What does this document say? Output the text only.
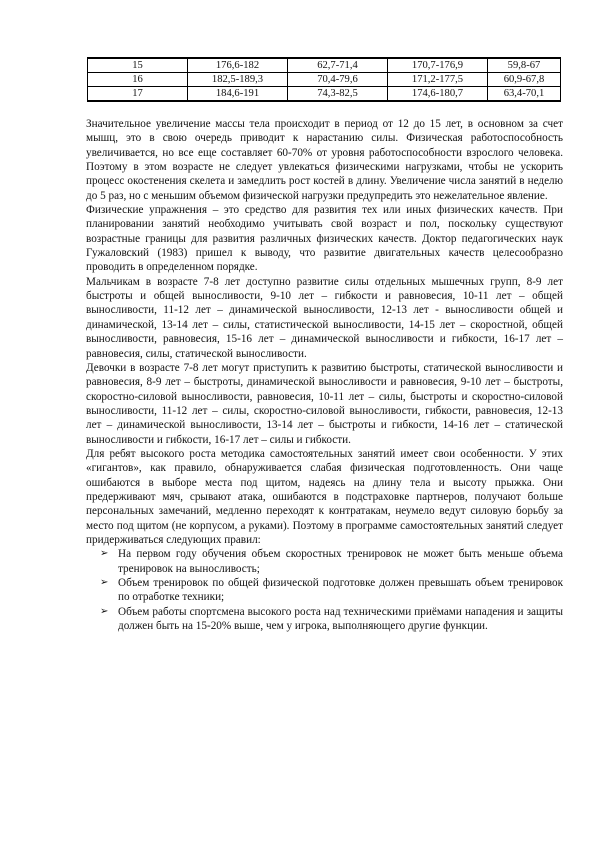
15	176,6-182	62,7-71,4	170,7-176,9	59,8-67
16	182,5-189,3	70,4-79,6	171,2-177,5	60,9-67,8
17	184,6-191	74,3-82,5	174,6-180,7	63,4-70,1

Значительное увеличение массы тела происходит в период от 12 до 15 лет, в основном за счет мышц, это в свою очередь приводит к нарастанию силы. Физическая работоспособность увеличивается, но все еще составляет 60-70% от уровня работоспособности взрослого человека. Поэтому в этом возрасте не следует увлекаться физическими нагрузками, чтобы не ускорить процесс окостенения скелета и замедлить рост костей в длину. Увеличение числа занятий в неделю до 5 раз, но с меньшим объемом физической нагрузки предупредить это нежелательное явление.

Физические упражнения – это средство для развития тех или иных физических качеств. При планировании занятий необходимо учитывать свой возраст и пол, поскольку существуют возрастные границы для развития различных физических качеств. Доктор педагогических наук Гужаловский (1983) пришел к выводу, что развитие двигательных качеств целесообразно проводить в определенном порядке.

Мальчикам в возрасте 7-8 лет доступно развитие силы отдельных мышечных групп, 8-9 лет быстроты и общей выносливости, 9-10 лет – гибкости и равновесия, 10-11 лет – общей выносливости, 11-12 лет – динамической выносливости, 12-13 лет - выносливости общей и динамической, 13-14 лет – силы, статистической выносливости, 14-15 лет – скоростной, общей выносливости, равновесия, 15-16 лет – динамической выносливости и гибкости, 16-17 лет – равновесия, силы, статической выносливости.

Девочки в возрасте 7-8 лет могут приступить к развитию быстроты, статической выносливости и равновесия, 8-9 лет – быстроты, динамической выносливости и равновесия, 9-10 лет – быстроты, скоростно-силовой выносливости, равновесия, 10-11 лет – силы, быстроты и скоростно-силовой выносливости, 11-12 лет – силы, скоростно-силовой выносливости, гибкости, равновесия, 12-13 лет – динамической выносливости, 13-14 лет – быстроты и гибкости, 14-16 лет – статической выносливости и гибкости, 16-17 лет – силы и гибкости.

Для ребят высокого роста методика самостоятельных занятий имеет свои особенности. У этих «гигантов», как правило, обнаруживается слабая физическая подготовленность. Они чаще ошибаются в выборе места под щитом, надеясь на длину тела и высоту прыжка. Они предерживают мяч, срывают атака, ошибаются в подстраховке партнеров, получают больше персональных замечаний, медленно переходят к контратакам, неумело ведут силовую борьбу за место под щитом (не корпусом, а руками). Поэтому в программе самостоятельных занятий следует придерживаться следующих правил:

➢ На первом году обучения объем скоростных тренировок не может быть меньше объема тренировок на выносливость;
➢ Объем тренировок по общей физической подготовке должен превышать объем тренировок по отработке техники;
➢ Объем работы спортсмена высокого роста над техническими приёмами нападения и защиты должен быть на 15-20% выше, чем у игрока, выполняющего другие функции.
